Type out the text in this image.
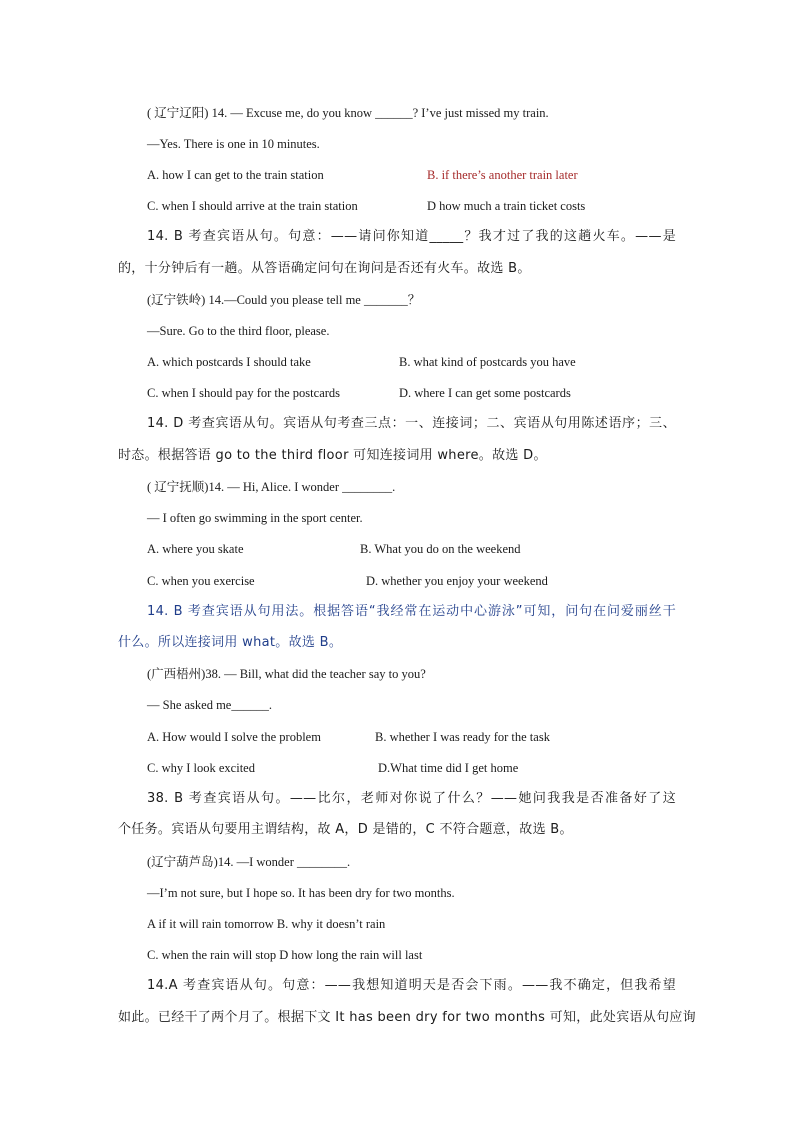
( 辽宁辽阳) 14. — Excuse me, do you know ______? I’ve just missed my train.
—Yes. There is one in 10 minutes.
A. how I can get to the train station	B. if there’s another train later
C. when I should arrive at the train station	D how much a train ticket costs
14. B 考查宾语从句。句意：——请问你知道_____？我才过了我的这趟火车。——是
的，十分钟后有一趟。从答语确定问句在询问是否还有火车。故选 B。
(辽宁铁岭) 14.—Could you please tell me _______？
—Sure. Go to the third floor, please.
A. which postcards I should take	B. what kind of postcards you have
C. when I should pay for the postcards	D. where I can get some postcards
14. D 考查宾语从句。宾语从句考查三点：一、连接词；二、宾语从句用陈述语序；三、
时态。根据答语 go to the third floor 可知连接词用 where。故选 D。
( 辽宁抚顺)14. — Hi, Alice. I wonder ________.
— I often go swimming in the sport center.
A. where you skate	B. What you do on the weekend
C. when you exercise	D. whether you enjoy your weekend
14. B 考查宾语从句用法。根据答语“我经常在运动中心游泳”可知，问句在问爱丽丝干
什么。所以连接词用 what。故选 B。
(广西梧州)38. — Bill, what did the teacher say to you?
— She asked me______.
A. How would I solve the problem	B. whether I was ready for the task
C. why I look excited	D.What time did I get home
38. B 考查宾语从句。——比尔，老师对你说了什么？——她问我我是否准备好了这
个任务。宾语从句要用主谓结构，故 A，D 是错的，C 不符合题意，故选 B。
(辽宁葫芦岛)14. —I wonder ________.
—I’m not sure, but I hope so. It has been dry for two months.
A if it will rain tomorrow B. why it doesn’t rain
C. when the rain will stop D how long the rain will last
14.A 考查宾语从句。句意：——我想知道明天是否会下雨。——我不确定，但我希望
如此。已经干了两个月了。根据下文 It has been dry for two months 可知，此处宾语从句应询
